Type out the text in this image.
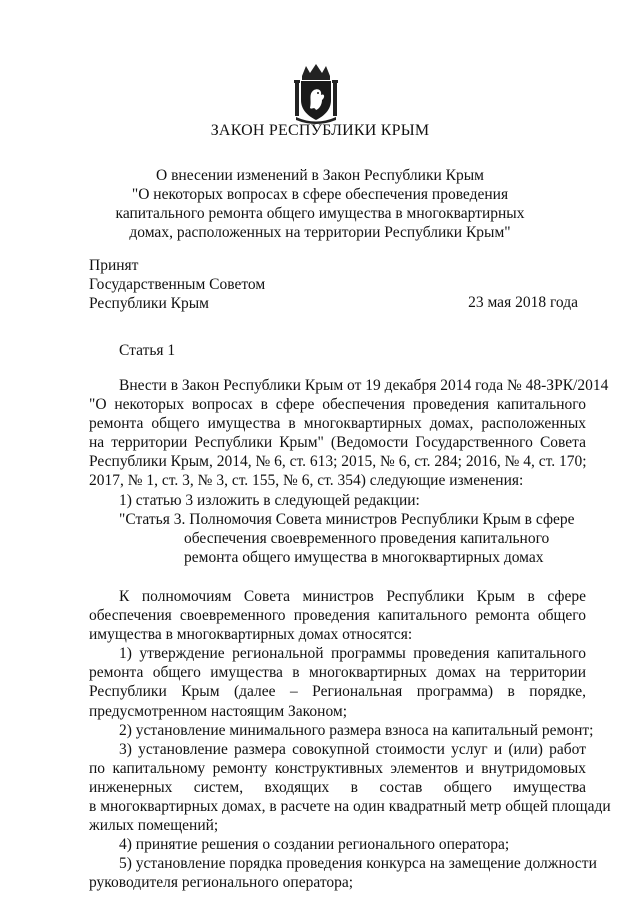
ЗАКОН РЕСПУБЛИКИ КРЫМ
О внесении изменений в Закон Республики Крым
"О некоторых вопросах в сфере обеспечения проведения
капитального ремонта общего имущества в многоквартирных
домах, расположенных на территории Республики Крым"
Принят
Государственным Советом
Республики Крым	23 мая 2018 года
Статья 1
Внести в Закон Республики Крым от 19 декабря 2014 года № 48-ЗРК/2014
"О некоторых вопросах в сфере обеспечения проведения капитального
ремонта общего имущества в многоквартирных домах, расположенных
на территории Республики Крым" (Ведомости Государственного Совета
Республики Крым, 2014, № 6, ст. 613; 2015, № 6, ст. 284; 2016, № 4, ст. 170;
2017, № 1, ст. 3, № 3, ст. 155, № 6, ст. 354) следующие изменения:
1) статью 3 изложить в следующей редакции:
"Статья 3. Полномочия Совета министров Республики Крым в сфере
обеспечения своевременного проведения капитального
ремонта общего имущества в многоквартирных домах
К полномочиям Совета министров Республики Крым в сфере
обеспечения своевременного проведения капитального ремонта общего
имущества в многоквартирных домах относятся:
1) утверждение региональной программы проведения капитального
ремонта общего имущества в многоквартирных домах на территории
Республики Крым (далее – Региональная программа) в порядке,
предусмотренном настоящим Законом;
2) установление минимального размера взноса на капитальный ремонт;
3) установление размера совокупной стоимости услуг и (или) работ
по капитальному ремонту конструктивных элементов и внутридомовых
инженерных систем, входящих в состав общего имущества
в многоквартирных домах, в расчете на один квадратный метр общей площади
жилых помещений;
4) принятие решения о создании регионального оператора;
5) установление порядка проведения конкурса на замещение должности
руководителя регионального оператора;
